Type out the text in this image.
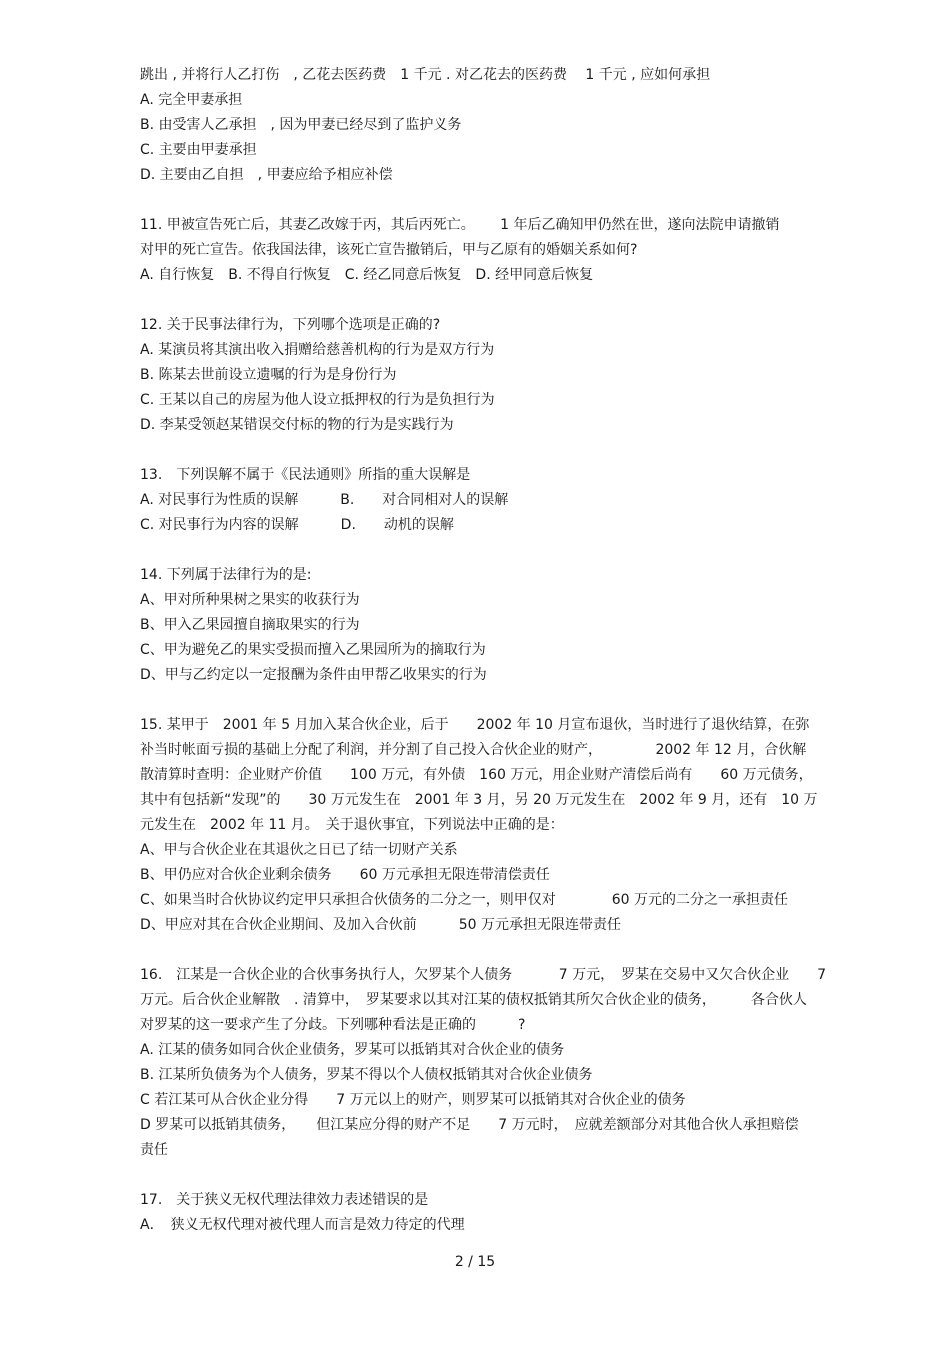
跳出 , 并将行人乙打伤　, 乙花去医药费　1 千元 . 对乙花去的医药费　 1 千元 , 应如何承担
A. 完全甲妻承担
B. 由受害人乙承担　, 因为甲妻已经尽到了监护义务
C. 主要由甲妻承担
D. 主要由乙自担　, 甲妻应给予相应补偿
11. 甲被宣告死亡后，其妻乙改嫁于丙，其后丙死亡。　　 1 年后乙确知甲仍然在世，遂向法院申请撤销
对甲的死亡宣告。依我国法律，该死亡宣告撤销后，甲与乙原有的婚姻关系如何?
A. 自行恢复　B. 不得自行恢复　C. 经乙同意后恢复　D. 经甲同意后恢复
12. 关于民事法律行为，下列哪个选项是正确的?
A. 某演员将其演出收入捐赠给慈善机构的行为是双方行为
B. 陈某去世前设立遗嘱的行为是身份行为
C. 王某以自己的房屋为他人设立抵押权的行为是负担行为
D. 李某受领赵某错误交付标的物的行为是实践行为
13.　下列误解不属于《民法通则》所指的重大误解是
A. 对民事行为性质的误解　　　B.　　对合同相对人的误解
C. 对民事行为内容的误解　　　D.　　动机的误解
14. 下列属于法律行为的是:
A、甲对所种果树之果实的收获行为
B、甲入乙果园擅自摘取果实的行为
C、甲为避免乙的果实受损而擅入乙果园所为的摘取行为
D、甲与乙约定以一定报酬为条件由甲帮乙收果实的行为
15. 某甲于　2001 年 5 月加入某合伙企业，后于　　2002 年 10 月宣布退伙，当时进行了退伙结算，在弥
补当时帐面亏损的基础上分配了利润，并分割了自己投入合伙企业的财产，　　　　 2002 年 12 月，合伙解
散清算时查明：企业财产价值　　100 万元，有外债　160 万元，用企业财产清偿后尚有　　60 万元债务，
其中有包括新“发现”的　　30 万元发生在　2001 年 3 月，另 20 万元发生在　2002 年 9 月，还有　10 万
元发生在　2002 年 11 月。　关于退伙事宜，下列说法中正确的是：
A、甲与合伙企业在其退伙之日已了结一切财产关系
B、甲仍应对合伙企业剩余债务　　60 万元承担无限连带清偿责任
C、如果当时合伙协议约定甲只承担合伙债务的二分之一，则甲仅对　　　　60 万元的二分之一承担责任
D、甲应对其在合伙企业期间、及加入合伙前　　　50 万元承担无限连带责任
16.　江某是一合伙企业的合伙事务执行人，欠罗某个人债务　　　 7 万元，　罗某在交易中又欠合伙企业　　7
万元。后合伙企业解散　. 清算中，　罗某要求以其对江某的债权抵销其所欠合伙企业的债务，　　　各合伙人
对罗某的这一要求产生了分歧。下列哪种看法是正确的　　　?
A. 江某的债务如同合伙企业债务，罗某可以抵销其对合伙企业的债务
B. 江某所负债务为个人债务，罗某不得以个人债权抵销其对合伙企业债务
C 若江某可从合伙企业分得　　7 万元以上的财产，则罗某可以抵销其对合伙企业的债务
D 罗某可以抵销其债务，　　但江某应分得的财产不足　　7 万元时，　应就差额部分对其他合伙人承担赔偿
责任
17.　关于狭义无权代理法律效力表述错误的是
A．　狭义无权代理对被代理人而言是效力待定的代理
2 / 15
